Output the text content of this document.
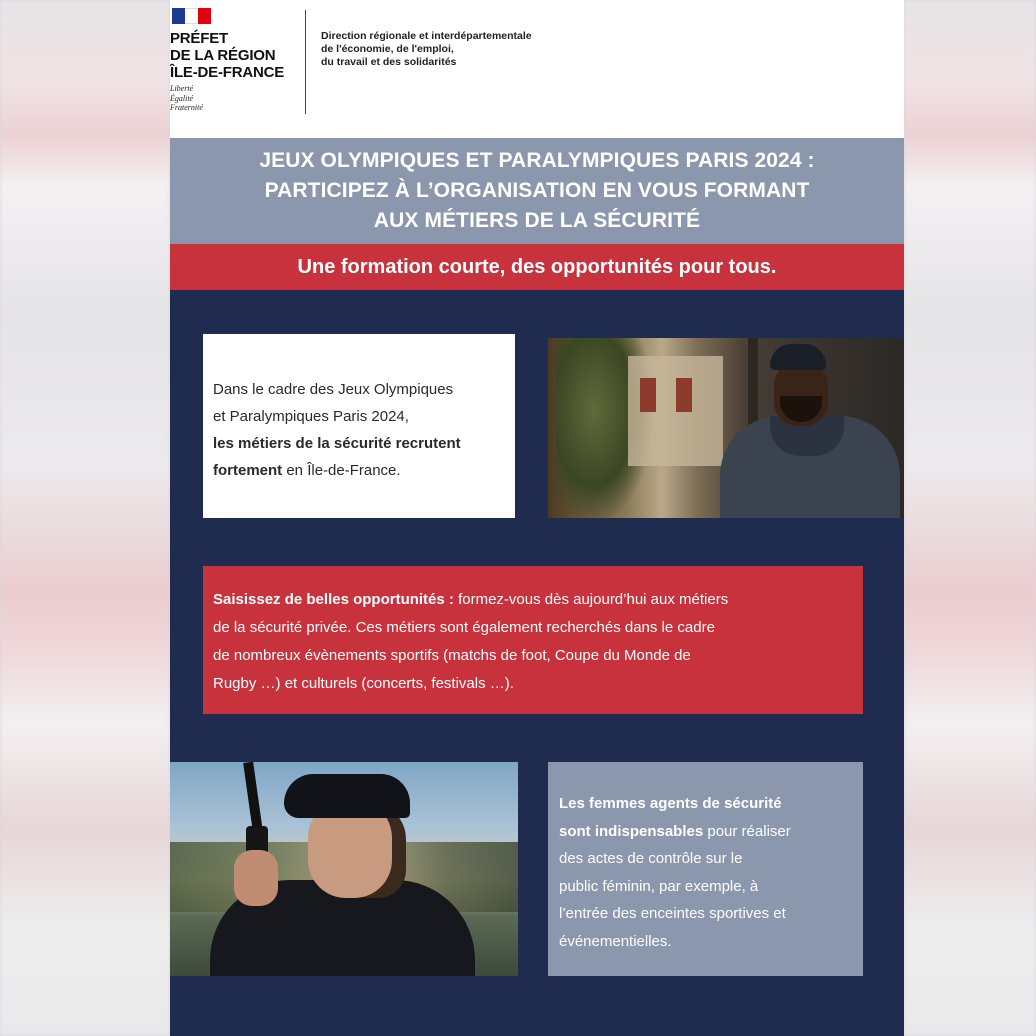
PRÉFET
DE LA RÉGION
ÎLE-DE-FRANCE
Liberté
Égalité
Fraternité
Direction régionale et interdépartementale
de l'économie, de l'emploi,
du travail et des solidarités
JEUX OLYMPIQUES ET PARALYMPIQUES PARIS 2024 :
PARTICIPEZ À L’ORGANISATION EN VOUS FORMANT
AUX MÉTIERS DE LA SÉCURITÉ
Une formation courte, des opportunités pour tous.
Dans le cadre des Jeux Olympiques
et Paralympiques Paris 2024,
les métiers de la sécurité recrutent
fortement en Île-de-France.
Saisissez de belles opportunités : formez-vous dès aujourd’hui aux métiers
de la sécurité privée. Ces métiers sont également recherchés dans le cadre
de nombreux évènements sportifs (matchs de foot, Coupe du Monde de
Rugby …) et culturels (concerts, festivals …).
Les femmes agents de sécurité
sont indispensables pour réaliser
des actes de contrôle sur le
public féminin, par exemple, à
l’entrée des enceintes sportives et
événementielles.
